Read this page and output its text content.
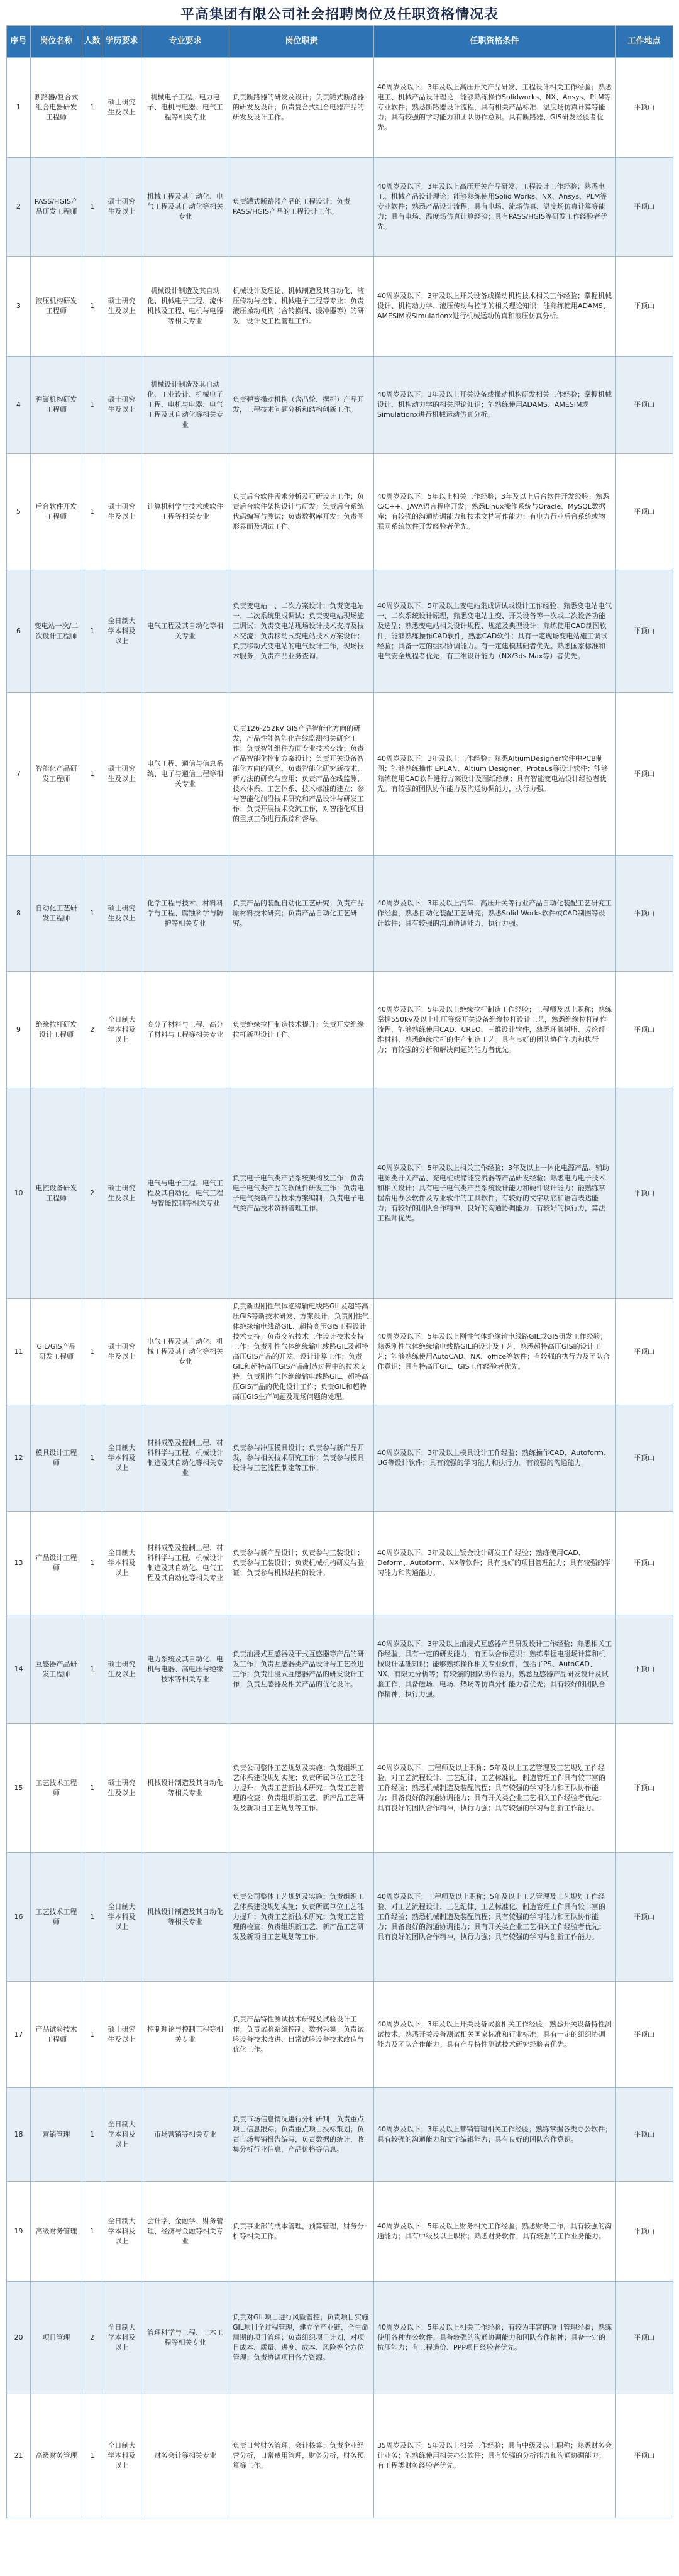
平高集团有限公司社会招聘岗位及任职资格情况表
序号	岗位名称	人数	学历要求	专业要求	岗位职责	任职资格条件	工作地点
1	断路器/复合式组合电器研发工程师	1	硕士研究生及以上	机械电子工程、电力电子、电机与电器、电气工程等相关专业	负责断路器的研发及设计；负责罐式断路器的研发及设计；负责复合式组合电器产品的研发及设计工作。	40周岁及以下；3年及以上高压开关产品研发、工程设计相关工作经验；熟悉电工、机械产品设计理论；能够熟练操作Solidworks、NX、Ansys、PLM等专业软件；熟悉断路器设计流程，具有相关产品标准、温度场仿真计算等能力；具有较强的学习能力和团队协作意识。具有断路器、GIS研发经验者优先。	平顶山
2	PASS/HGIS产品研发工程师	1	硕士研究生及以上	机械工程及其自动化、电气工程及其自动化等相关专业	负责罐式断路器产品的工程设计；负责PASS/HGIS产品的工程设计工作。	40周岁及以下；3年及以上高压开关产品研发、工程设计工作经验；熟悉电工、机械产品设计理论；能够熟练使用Solid Works、NX、Ansys、PLM等专业软件；熟悉产品设计流程，具有电场、流场仿真、温度场仿真计算等能力；具有电场、温度场仿真计算经验；具有PASS/HGIS等研发工作经验者优先。	平顶山
3	液压机构研发工程师	1	硕士研究生及以上	机械设计制造及其自动化、机械电子工程、流体机械及工程、电机与电器等相关专业	机械设计及理论、机械制造及其自动化、液压传动与控制、机械电子工程等专业；负责液压操动机构（含转换阀、缓冲器等）的研发、设计及工程管理工作。	40周岁及以下；3年及以上开关设备或操动机构技术相关工作经验；掌握机械设计、机构动力学、液压传动与控制的相关理论知识；能熟练使用ADAMS、AMESIM或Simulationx进行机械运动仿真和液压仿真分析。	平顶山
4	弹簧机构研发工程师	1	硕士研究生及以上	机械设计制造及其自动化、工业设计、机械电子工程、电机与电器、电气工程及其自动化等相关专业	负责弹簧操动机构（含凸轮、摆杆）产品开发，工程技术问题分析和结构创新工作。	40周岁及以下；3年及以上开关设备或操动机构研发相关工作经验；掌握机械设计、机构动力学的相关理论知识；能熟练使用ADAMS、AMESIM或Simulationx进行机械运动仿真分析。	平顶山
5	后台软件开发工程师	1	硕士研究生及以上	计算机科学与技术或软件工程等相关专业	负责后台软件需求分析及可研设计工作；负责后台软件架构设计与研发；负责后台系统代码编写与测试；负责数据库开发；负责图形界面及调试工作。	40周岁及以下；5年以上相关工作经验；3年及以上后台软件开发经验；熟悉C/C++、JAVA语言程序开发；熟悉Linux操作系统与Oracle、MySQL数据库；有较强的沟通协调能力和技术文档写作能力；有电力行业后台系统或物联网系统软件开发经验者优先。	平顶山
6	变电站一次/二次设计工程师	1	全日制大学本科及以上	电气工程及其自动化等相关专业	负责变电站一、二次方案设计；负责变电站一、二次系统集成调试；负责变电站现场施工调试；负责变电站现场设计技术支持及技术交流；负责移动式变电站技术方案设计；负责移动式变电站的电气设计工作，现场技术服务；负责产品业务查询。	40周岁及以下；5年及以上变电站集成调试或设计工作经验；熟悉变电站电气一、二次系统设计原理，熟悉变电站主变、开关设备等一次或二次设备功能及选型；熟悉变电站相关设计规程、规范及典型设计；熟练使用CAD制图软件，能够熟练操作CAD软件，熟悉CAD软件；具有一定现场变电站施工调试经验；具备一定的组织协调能力。有一定建模基础者优先。熟悉国家标准和电气安全规程者优先；有三维设计能力（NX/3ds Max等）者优先。	平顶山
7	智能化产品研发工程师	1	硕士研究生及以上	电气工程、通信与信息系统、电子与通信工程等相关专业	负责126-252kV GIS产品智能化方向的研发，产品性能智能化在线监测相关研究工作；负责智能组件方面专业技术交流；负责产品智能化控制方案设计；负责开关设备智能化方向的研究，负责智能化研究新技术、新方法的研究与应用；负责产品在线监测、技术体系、工艺体系、技术标准的建立；参与智能化前沿技术研究和产品设计与研发工作；负责开展技术交流工作，对智能化项目的重点工作进行跟踪和督导。	40周岁及以下；3年及以上工作经验；熟悉AltiumDesigner软件中PCB制图；能够熟练操作 EPLAN、Altium Designer、Proteus等设计软件；能够熟练使用CAD软件进行方案设计及图纸绘制；具有智能变电站设计经验者优先。有较强的团队协作能力及沟通协调能力，执行力强。	平顶山
8	自动化工艺研发工程师	1	硕士研究生及以上	化学工程与技术、材料科学与工程、腐蚀科学与防护等相关专业	负责产品的装配自动化工艺研究；负责产品原材料技术研究；负责产品自动化工艺研究。	40周岁及以下；3年及以上汽车、高压开关等行业产品自动化装配工艺研究工作经验，熟悉自动化装配工艺研究；熟悉Solid Works软件或CAD制图等设计软件；具有较强的沟通协调能力，执行力强。	平顶山
9	绝缘拉杆研发设计工程师	2	全日制大学本科及以上	高分子材料与工程、高分子材料与工程等相关专业	负责绝缘拉杆制造技术提升；负责开发绝缘拉杆新型设计工作。	40周岁及以下；5年及以上绝缘拉杆制造工作经验；工程师及以上职称；熟练掌握550kV及以上电压等级开关设备绝缘拉杆设计工艺，熟悉绝缘拉杆制作流程，能够熟练使用CAD、CREO、三维设计软件，熟悉环氧树脂、芳纶纤维材料，熟悉绝缘拉杆的生产制造工艺。具有良好的团队协作能力和执行力；有较强的分析和解决问题的能力者优先。	平顶山
10	电控设备研发工程师	2	硕士研究生及以上	电气与电子工程、电气工程及其自动化、电气工程与智能控制等相关专业	负责电子电气类产品系统架构及工作；负责电子电气类产品的软硬件研发工作；负责电子电气类新产品技术方案编制；负责电子电气类产品技术资料管理工作。	40周岁及以下；5年及以上相关工作经验；3年及以上一体化电源产品、辅助电源类开关产品、充电桩或储能变流器等产品研发经验；熟悉电力电子技术和相关设计；具有电子电气类产品系统设计能力和硬件设计能力；能熟练掌握常用办公软件及专业软件的工具软件；有较好的文字功底和语言表达能力；有较好的团队合作精神，良好的沟通协调能力；有较好的执行力，算法工程师优先。	平顶山
11	GIL/GIS产品研发工程师	1	硕士研究生及以上	电气工程及其自动化、机械工程及其自动化等相关专业	负责新型刚性气体绝缘输电线路GIL及超特高压GIS等新技术研发、方案设计；负责刚性气体绝缘输电线路GIL、超特高压GIS工程设计技术支持；负责交流技术工作设计技术支持工作；负责刚性气体绝缘输电线路GIL及超特高压GIS产品的开发、设计计算工作；负责GIL和超特高压GIS产品制造过程中的技术支持；负责刚性气体绝缘输电线路GIL、超特高压GIS产品的优化设计工作；负责GIL和超特高压GIS生产问题及现场问题的处理。	40周岁及以下；5年及以上刚性气体绝缘输电线路GIL或GIS研发工作经验；熟悉刚性气体绝缘输电线路GIL的设计及工艺，熟悉超特高压GIS的设计工艺；能够熟练使用AutoCAD、NX、office等软件；有较强的执行力及团队合作意识；具有特高压GIL、GIS工作经验者优先。	平顶山
12	模具设计工程师	1	全日制大学本科及以上	材料成型及控制工程、材料科学与工程、机械设计制造及其自动化等相关专业	负责参与冲压模具设计；负责参与新产品开发，参与相关技术研究工作；负责参与模具设计与工艺流程制定等工作。	40周岁及以下；3年及以上模具设计工作经验；熟练操作CAD、Autoform、UG等设计软件；具有较强的学习能力和执行力。有较强的沟通能力。	平顶山
13	产品设计工程师	1	全日制大学本科及以上	材料成型及控制工程、材料科学与工程、机械设计制造及其自动化、电气工程及其自动化等相关专业	负责参与新产品设计；负责参与工装设计；负责参与工装设计；负责机械机构研发与验证；负责参与机械结构的设计。	40周岁及以下；3年及以上钣金设计研发工作经验；熟练使用CAD、Deform、Autoform、NX等软件；具有良好的项目管理能力；具有较强的学习能力和沟通能力。	平顶山
14	互感器产品研发工程师	1	硕士研究生及以上	电力系统及其自动化、电机与电器、高电压与绝缘技术等相关专业	负责油浸式互感器及干式互感器等产品的研发工作；负责互感器类产品设计与工艺改进工作；负责油浸式互感器产品的研发设计工作；负责互感器及相关产品的优化设计。	40周岁及以下；3年及以上油浸式互感器产品研发设计工作经验；熟悉相关工作经验，具有一定的研发能力，有团队合作意识；熟练掌握电磁场计算和机械设计基础知识；能够熟练操作相关专业软件，包括了PS、AutoCAD、NX、有限元分析等；有较强的团队协作能力。熟悉互感器产品研发设计及试验工作，具备磁场、电场、热场等仿真分析能力者优先；具有较好的团队合作精神，执行力强。	平顶山
15	工艺技术工程师	1	硕士研究生及以上	机械设计制造及其自动化等相关专业	负责公司整体工艺规划及实施；负责组织工艺体系建设规划实施；负责所属单位工艺能力提升；负责工艺新技术研究；负责工艺管理的检查；负责组织新工艺、新产品工艺研发及新项目工艺规划等工作。	40周岁及以下；工程师及以上职称；5年及以上工艺管理及工艺规划工作经验，对工艺流程设计、工艺纪律、工艺标准化、制造管理工作具有较丰富的工作经验；熟悉机械制造及装配流程；具有较强的学习能力和团队协作能力；具备良好的沟通协调能力；具有开关类企业工艺相关工作经验者优先；具有良好的团队合作精神，执行力强；具有较强的学习与创新工作能力。	平顶山
16	工艺技术工程师	1	全日制大学本科及以上	机械设计制造及其自动化等相关专业	负责公司整体工艺规划及实施；负责组织工艺体系建设规划实施；负责所属单位工艺能力提升；负责工艺新技术研究；负责工艺管理的检查；负责组织新工艺、新产品工艺研发及新项目工艺规划等工作。	40周岁及以下；工程师及以上职称；5年及以上工艺管理及工艺规划工作经验，对工艺流程设计、工艺纪律、工艺标准化、制造管理工作具有较丰富的工作经验；熟悉机械制造及装配流程；具有较强的学习能力和团队协作能力；具备良好的沟通协调能力；具有开关类企业工艺相关工作经验者优先；具有良好的团队合作精神，执行力强；具有较强的学习与创新工作能力。	平顶山
17	产品试验技术工程师	1	硕士研究生及以上	控制理论与控制工程等相关专业	负责产品特性测试技术研究及试验设计工作；负责试验系统控制、数据采集；负责试验设备技术改进、日常试验设备技术改造与优化工作。	40周岁及以下；3年及以上开关设备试验相关工作经验；熟悉开关设备特性测试技术，熟悉开关设备测试相关国家标准和行业标准；具有一定的组织协调能力及团队合作能力；具有产品特性测试技术研究经验者优先。	平顶山
18	营销管理	1	全日制大学本科及以上	市场营销等相关专业	负责市场信息情况进行分析研判；负责重点项目信息跟踪；负责重点项目投标策划；负责市场营销报告编写，负责数据的统计，收集分析行业信息，产品价格等信息。	40周岁及以下；3年及以上营销管理相关工作经验；熟练掌握各类办公软件；具有较强的沟通能力和文字编辑能力；具有良好的团队合作意识。	平顶山
19	高级财务管理	1	全日制大学本科及以上	会计学、金融学、财务管理、经济与金融等相关专业	负责事业部的成本管理，预算管理，财务分析等相关工作。	40周岁及以下；5年及以上财务相关工作经验；熟悉财务工作，具有较强的沟通能力；具有中级及以上职称；熟悉财务软件；具有较强的工作业务能力。	平顶山
20	项目管理	2	全日制大学本科及以上	管理科学与工程、土木工程等相关专业	负责对GIL项目进行风险管控；负责项目实施GIL项目全过程管理，建立全产业链、全生命周期的项目管理；负责组织项目计划，对项目成本、质量、进度、成本、风险等全方位管理；负责协调项目各方资源。	40周岁及以下；5年及以上相关工作经验；有较为丰富的项目管理经验；熟练使用各种办公软件；具备较强的沟通协调能力和团队合作精神；具备一定的抗压能力；有工程造价、PPP项目经验者优先。	平顶山
21	高级财务管理	1	全日制大学本科及以上	财务会计等相关专业	负责日常财务管理，会计核算；负责企业经营分析，日常费用管理，财务分析，财务预算等工作。	35周岁及以下；5年及以上相关工作经验；具有中级及以上职称；熟悉财务会计业务；能熟练使用相关办公软件；具有较强的分析能力和沟通协调能力；有工程类财务经验者优先。	平顶山
